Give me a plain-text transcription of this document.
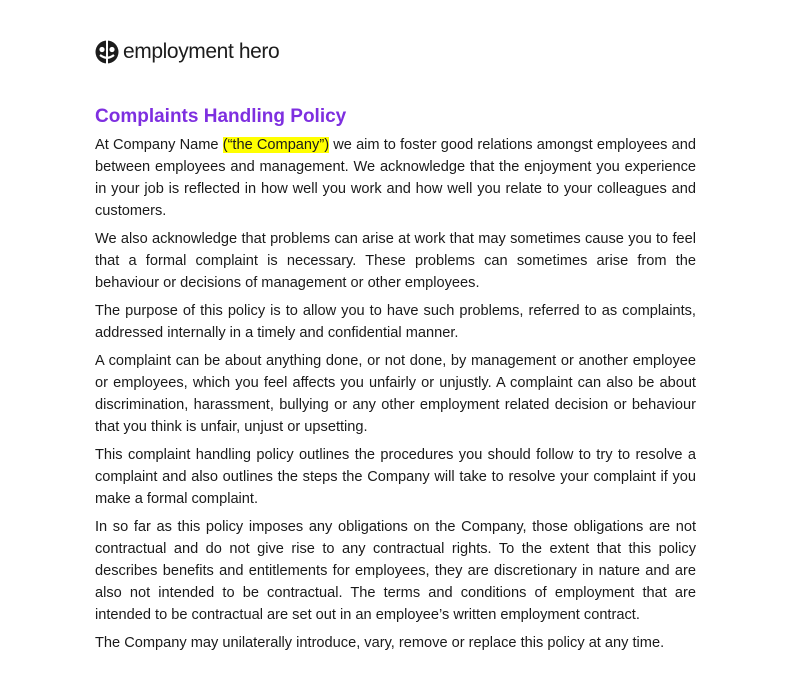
employment hero
Complaints Handling Policy

At Company Name (“the Company”) we aim to foster good relations amongst employees and between employees and management. We acknowledge that the enjoyment you experience in your job is reflected in how well you work and how well you relate to your colleagues and customers.

We also acknowledge that problems can arise at work that may sometimes cause you to feel that a formal complaint is necessary. These problems can sometimes arise from the behaviour or decisions of management or other employees.

The purpose of this policy is to allow you to have such problems, referred to as complaints, addressed internally in a timely and confidential manner.

A complaint can be about anything done, or not done, by management or another employee or employees, which you feel affects you unfairly or unjustly. A complaint can also be about discrimination, harassment, bullying or any other employment related decision or behaviour that you think is unfair, unjust or upsetting.

This complaint handling policy outlines the procedures you should follow to try to resolve a complaint and also outlines the steps the Company will take to resolve your complaint if you make a formal complaint.

In so far as this policy imposes any obligations on the Company, those obligations are not contractual and do not give rise to any contractual rights. To the extent that this policy describes benefits and entitlements for employees, they are discretionary in nature and are also not intended to be contractual. The terms and conditions of employment that are intended to be contractual are set out in an employee’s written employment contract.

The Company may unilaterally introduce, vary, remove or replace this policy at any time.
